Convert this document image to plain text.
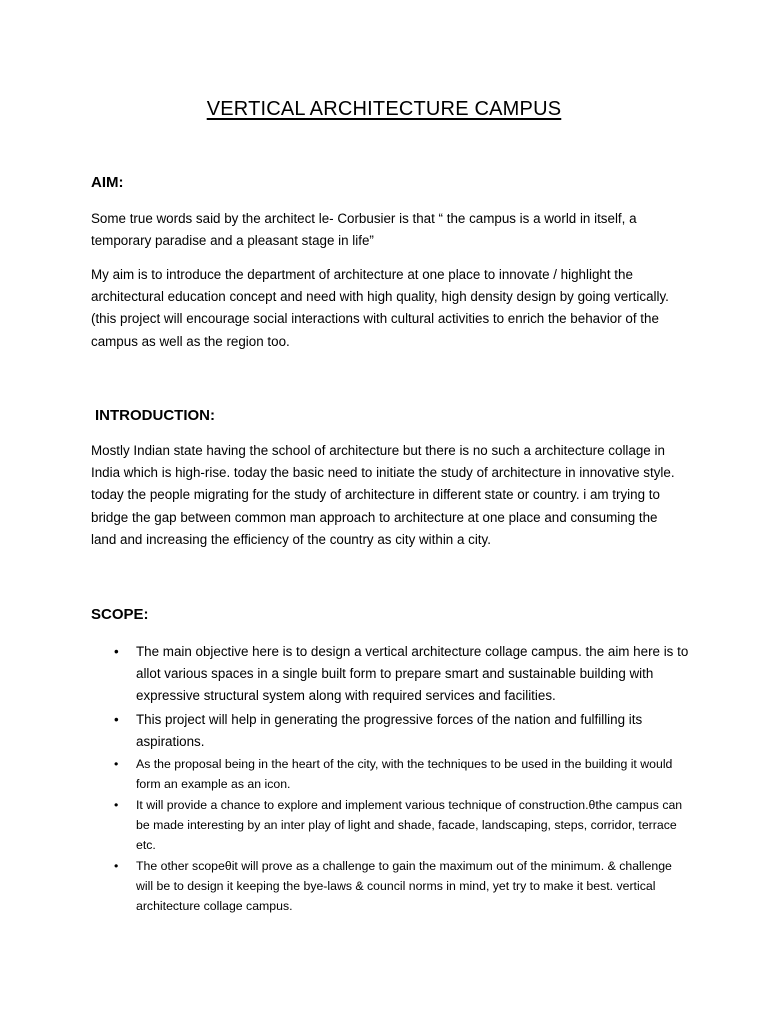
VERTICAL ARCHITECTURE CAMPUS
AIM:

Some true words said by the architect le- Corbusier is that “ the campus is a world in itself, a temporary paradise and a pleasant stage in life”

My aim is to introduce the department of architecture at one place to innovate / highlight the architectural education concept and need with high quality, high density design by going vertically. (this project will encourage social interactions with cultural activities to enrich the behavior of the campus as well as the region too.

INTRODUCTION:

Mostly Indian state having the school of architecture but there is no such a architecture collage in India which is high-rise. today the basic need to initiate the study of architecture in innovative style. today the people migrating for the study of architecture in different state or country. i am trying to bridge the gap between common man approach to architecture at one place and consuming the land and increasing the efficiency of the country as city within a city.

SCOPE:
• The main objective here is to design a vertical architecture collage campus. the aim here is to allot various spaces in a single built form to prepare smart and sustainable building with expressive structural system along with required services and facilities.
• This project will help in generating the progressive forces of the nation and fulfilling its aspirations.
• As the proposal being in the heart of the city, with the techniques to be used in the building it would form an example as an icon.
• It will provide a chance to explore and implement various technique of construction.θthe campus can be made interesting by an inter play of light and shade, facade, landscaping, steps, corridor, terrace etc.
• The other scopeθit will prove as a challenge to gain the maximum out of the minimum. & challenge will be to design it keeping the bye-laws & council norms in mind, yet try to make it best. vertical architecture collage campus.
